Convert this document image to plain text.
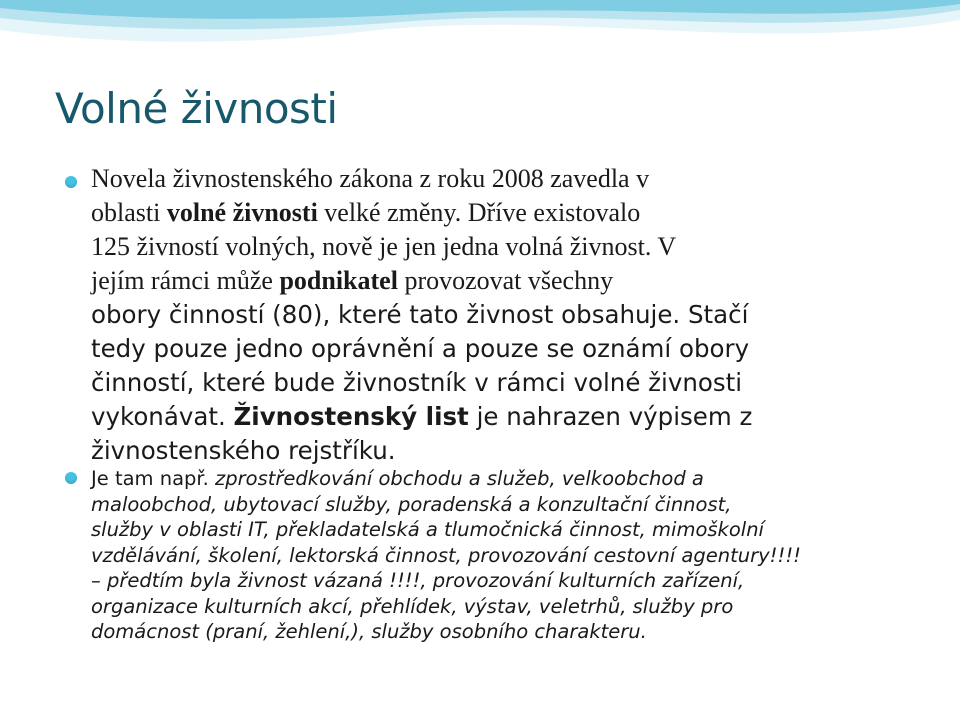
Volné živnosti
Novela živnostenského zákona z roku 2008 zavedla v
oblasti volné živnosti velké změny. Dříve existovalo
125 živností volných, nově je jen jedna volná živnost. V
jejím rámci může podnikatel provozovat všechny
obory činností (80), které tato živnost obsahuje. Stačí
tedy pouze jedno oprávnění a pouze se oznámí obory
činností, které bude živnostník v rámci volné živnosti
vykonávat. Živnostenský list je nahrazen výpisem z
živnostenského rejstříku.
Je tam např. zprostředkování obchodu a služeb, velkoobchod a
maloobchod, ubytovací služby, poradenská a konzultační činnost,
služby v oblasti IT, překladatelská a tlumočnická činnost, mimoškolní
vzdělávání, školení, lektorská činnost, provozování cestovní agentury!!!!
– předtím byla živnost vázaná !!!!, provozování kulturních zařízení,
organizace kulturních akcí, přehlídek, výstav, veletrhů, služby pro
domácnost (praní, žehlení,), služby osobního charakteru.
